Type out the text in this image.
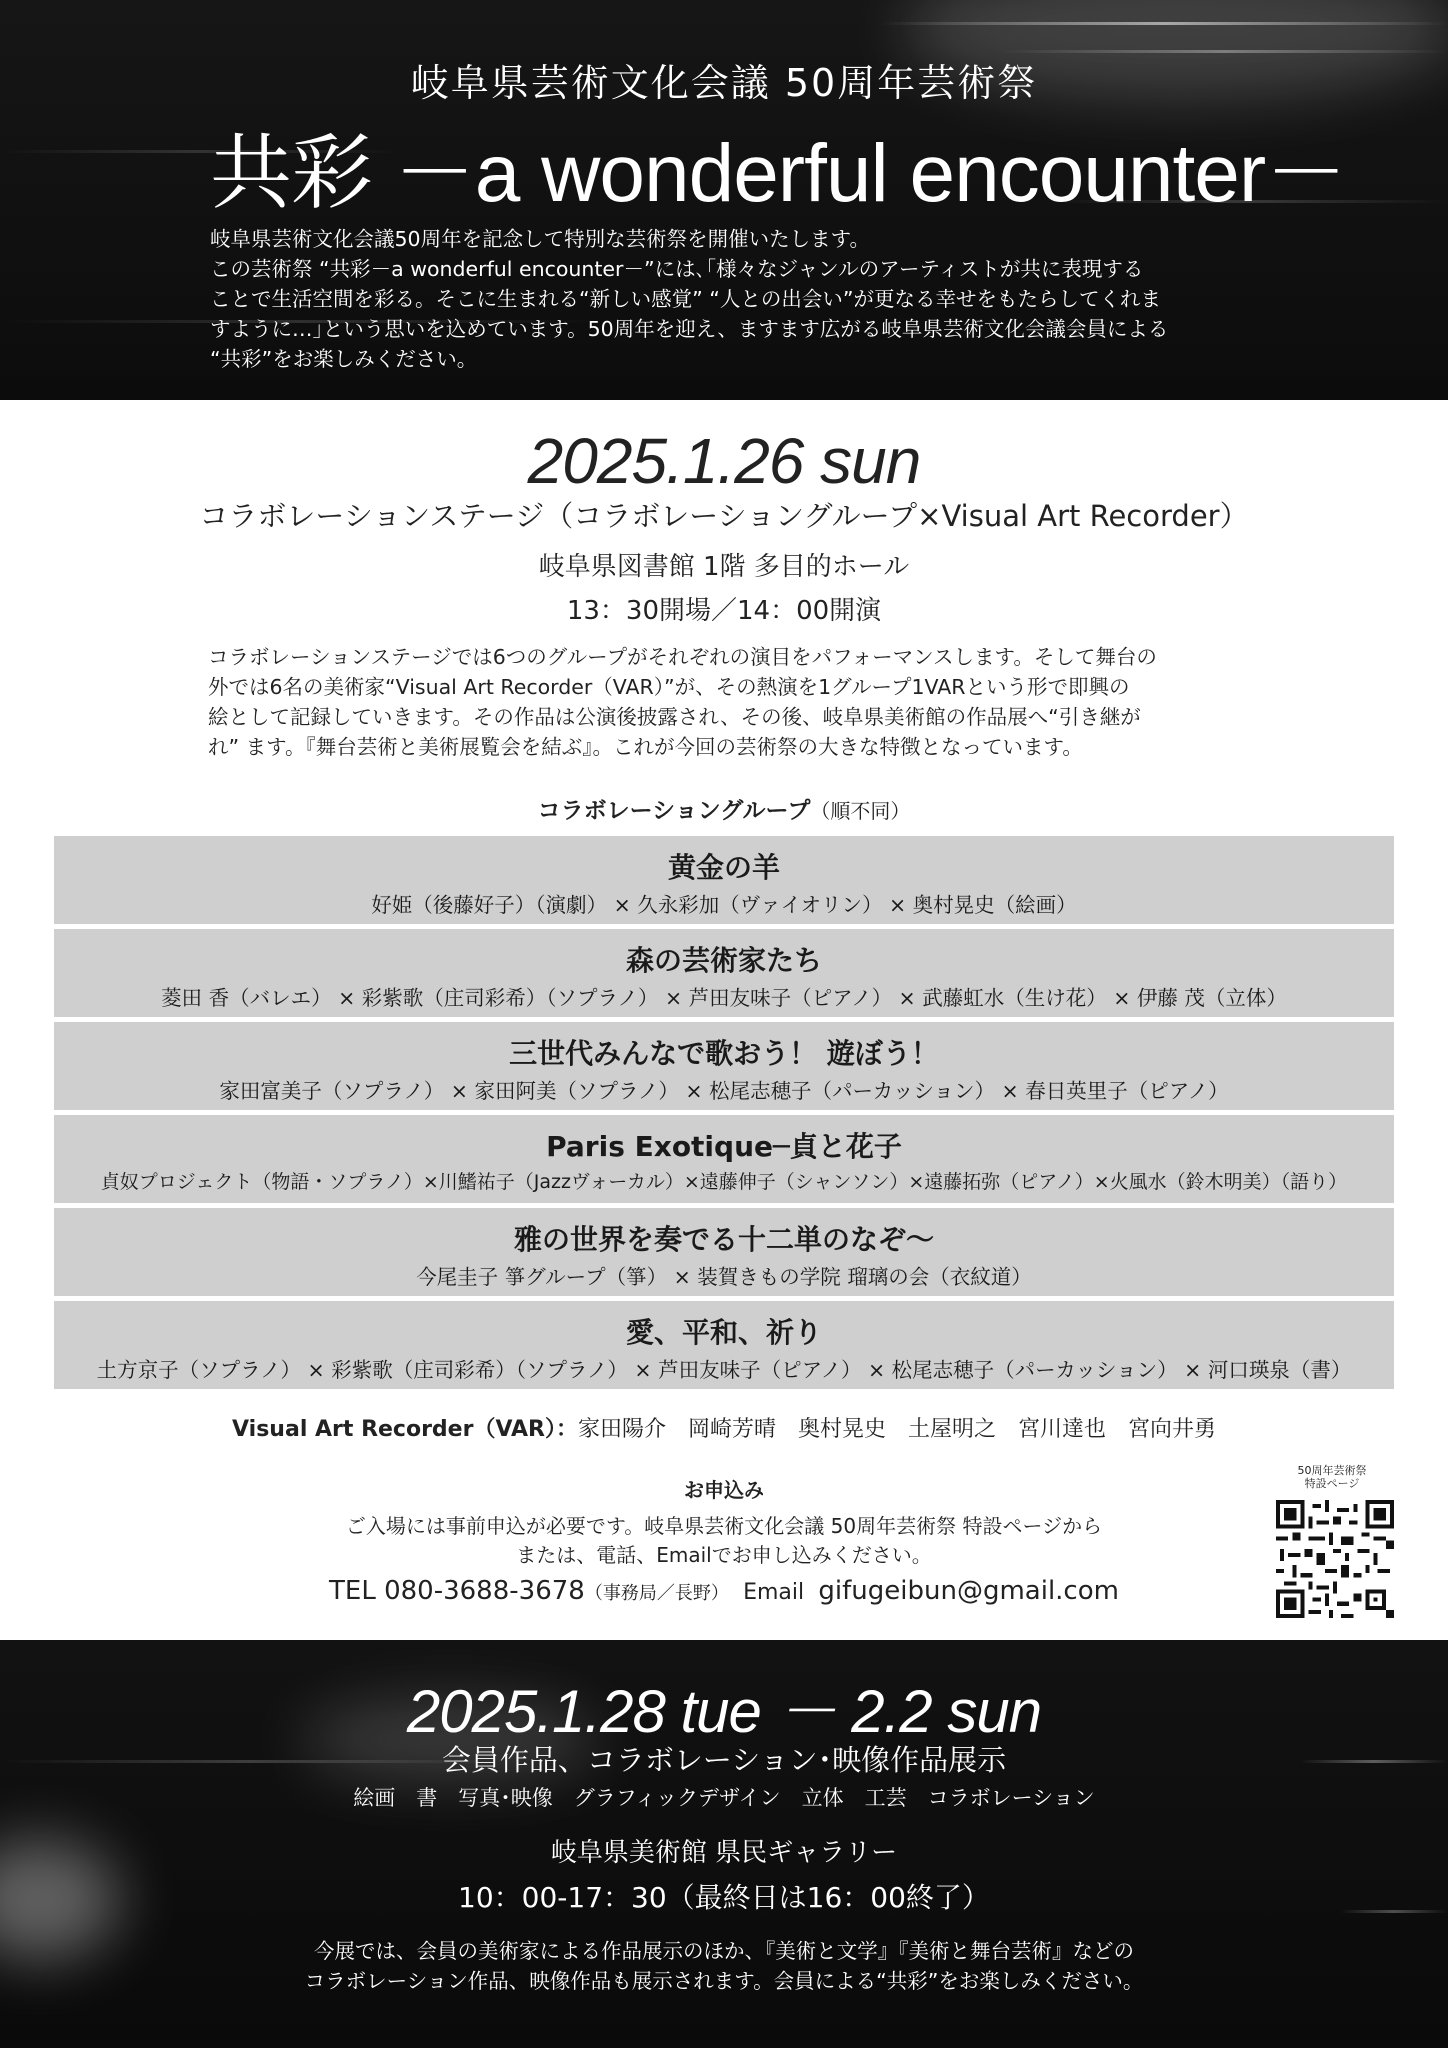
岐阜県芸術文化会議 50周年芸術祭
共彩 －a wonderful encounter－

岐阜県芸術文化会議50周年を記念して特別な芸術祭を開催いたします。

この芸術祭 “共彩－a wonderful encounter－”には､｢様々なジャンルのアーティストが共に表現する

ことで生活空間を彩る。そこに生まれる“新しい感覚” “人との出会い”が更なる幸せをもたらしてくれま

すように…｣という思いを込めています。50周年を迎え、ますます広がる岐阜県芸術文化会議会員による

“共彩”をお楽しみください。

2025.1.26 sun
コラボレーションステージ（コラボレーショングループ×Visual Art Recorder）
岐阜県図書館 1階 多目的ホール
13：30開場／14：00開演

コラボレーションステージでは6つのグループがそれぞれの演目をパフォーマンスします。そして舞台の

外では6名の美術家“Visual Art Recorder（VAR）”が、その熱演を1グループ1VARという形で即興の

絵として記録していきます。その作品は公演後披露され、その後、岐阜県美術館の作品展へ“引き継が

れ” ます。『舞台芸術と美術展覧会を結ぶ』。これが今回の芸術祭の大きな特徴となっています。

コラボレーショングループ（順不同）
黄金の羊
好姫（後藤好子）（演劇） × 久永彩加（ヴァイオリン） × 奥村晃史（絵画）
森の芸術家たち
菱田 香（バレエ） × 彩紫歌（庄司彩希）（ソプラノ） × 芦田友味子（ピアノ） × 武藤虹水（生け花） × 伊藤 茂（立体）
三世代みんなで歌おう！ 遊ぼう！
家田富美子（ソプラノ） × 家田阿美（ソプラノ） × 松尾志穂子（パーカッション） × 春日英里子（ピアノ）
Paris Exotique─貞と花子
貞奴プロジェクト（物語・ソプラノ）×川鰭祐子（Jazzヴォーカル）×遠藤伸子（シャンソン）×遠藤拓弥（ピアノ）×火風水（鈴木明美）（語り）
雅の世界を奏でる十二単のなぞ～
今尾圭子 箏グループ（箏） × 装賀きもの学院 瑠璃の会（衣紋道）
愛、平和、祈り
土方京子（ソプラノ） × 彩紫歌（庄司彩希）（ソプラノ） × 芦田友味子（ピアノ） × 松尾志穂子（パーカッション） × 河口瑛泉（書）
Visual Art Recorder（VAR）：家田陽介　岡崎芳晴　奥村晃史　土屋明之　宮川達也　宮向井勇
お申込み
ご入場には事前申込が必要です。岐阜県芸術文化会議 50周年芸術祭 特設ページから
または、電話、Emailでお申し込みください。
TEL 080-3688-3678（事務局／長野） Email gifugeibun@gmail.com
50周年芸術祭
特設ページ
2025.1.28 tue － 2.2 sun
会員作品、コラボレーション･映像作品展示
絵画　書　写真･映像　グラフィックデザイン　立体　工芸　コラボレーション
岐阜県美術館 県民ギャラリー
10：00-17：30（最終日は16：00終了）
今展では、会員の美術家による作品展示のほか、『美術と文学』『美術と舞台芸術』などの
コラボレーション作品、映像作品も展示されます。会員による“共彩”をお楽しみください。
